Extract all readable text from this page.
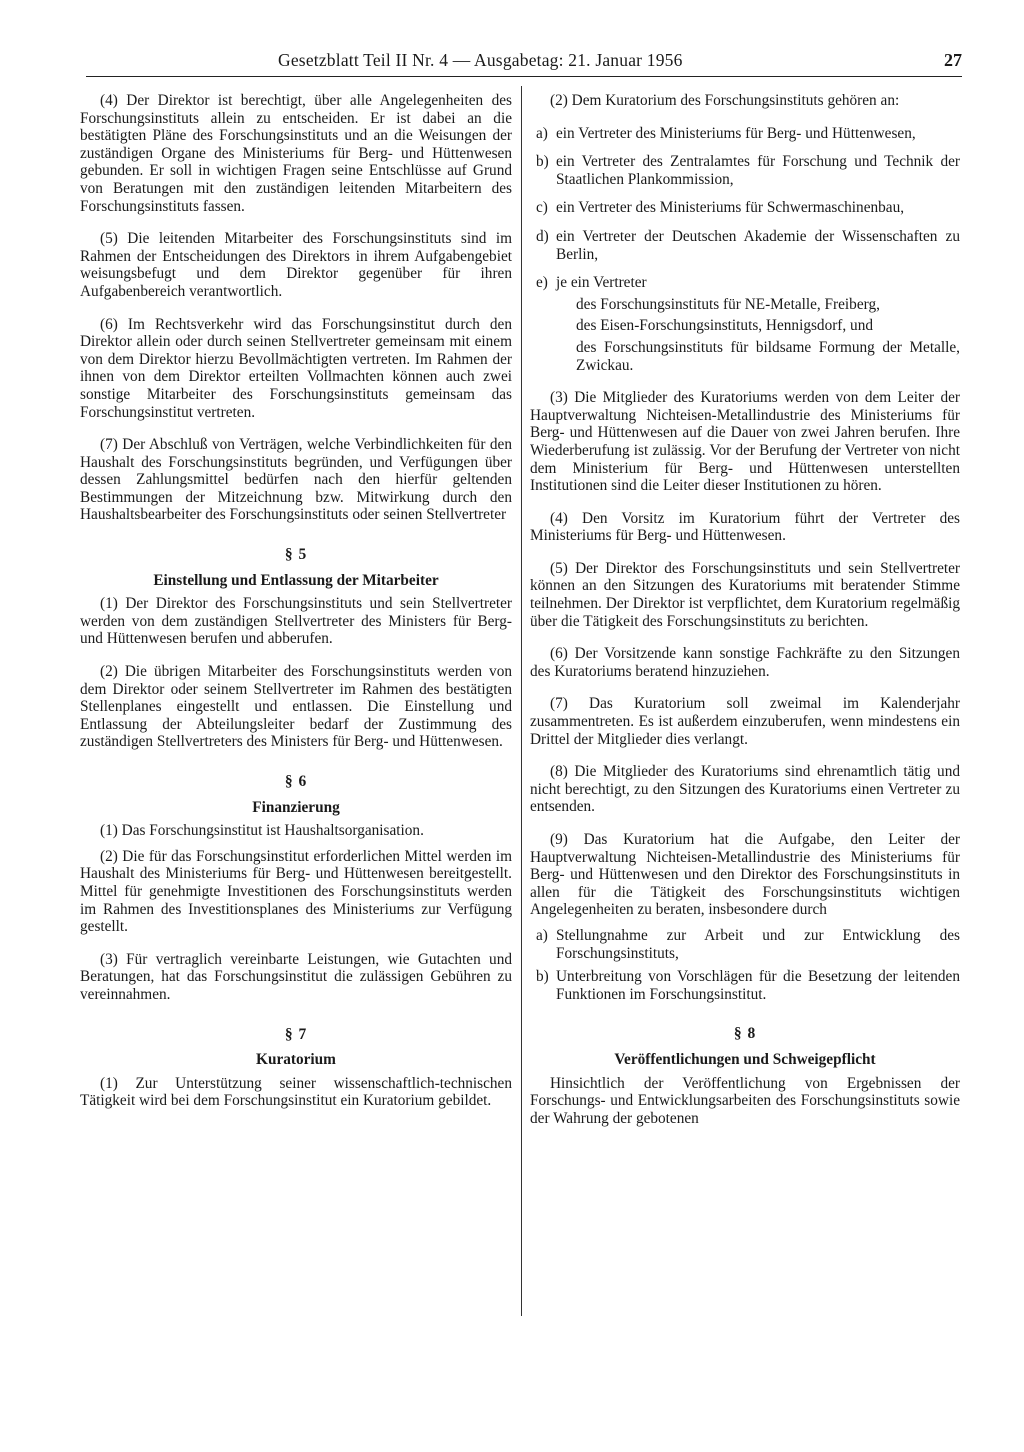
Gesetzblatt Teil II Nr. 4 — Ausgabetag: 21. Januar 1956	27

(4) Der Direktor ist berechtigt, über alle Angelegenheiten des Forschungsinstituts allein zu entscheiden. Er ist dabei an die bestätigten Pläne des Forschungsinstituts und an die Weisungen der zuständigen Organe des Ministeriums für Berg- und Hüttenwesen gebunden. Er soll in wichtigen Fragen seine Entschlüsse auf Grund von Beratungen mit den zuständigen leitenden Mitarbeitern des Forschungsinstituts fassen.

(5) Die leitenden Mitarbeiter des Forschungsinstituts sind im Rahmen der Entscheidungen des Direktors in ihrem Aufgabengebiet weisungsbefugt und dem Direktor gegenüber für ihren Aufgabenbereich verantwortlich.

(6) Im Rechtsverkehr wird das Forschungsinstitut durch den Direktor allein oder durch seinen Stellvertreter gemeinsam mit einem von dem Direktor hierzu Bevollmächtigten vertreten. Im Rahmen der ihnen von dem Direktor erteilten Vollmachten können auch zwei sonstige Mitarbeiter des Forschungsinstituts gemeinsam das Forschungsinstitut vertreten.

(7) Der Abschluß von Verträgen, welche Verbindlichkeiten für den Haushalt des Forschungsinstituts begründen, und Verfügungen über dessen Zahlungsmittel bedürfen nach den hierfür geltenden Bestimmungen der Mitzeichnung bzw. Mitwirkung durch den Haushaltsbearbeiter des Forschungsinstituts oder seinen Stellvertreter

§ 5
Einstellung und Entlassung der Mitarbeiter

(1) Der Direktor des Forschungsinstituts und sein Stellvertreter werden von dem zuständigen Stellvertreter des Ministers für Berg- und Hüttenwesen berufen und abberufen.

(2) Die übrigen Mitarbeiter des Forschungsinstituts werden von dem Direktor oder seinem Stellvertreter im Rahmen des bestätigten Stellenplanes eingestellt und entlassen. Die Einstellung und Entlassung der Abteilungsleiter bedarf der Zustimmung des zuständigen Stellvertreters des Ministers für Berg- und Hüttenwesen.

§ 6
Finanzierung

(1) Das Forschungsinstitut ist Haushaltsorganisation.

(2) Die für das Forschungsinstitut erforderlichen Mittel werden im Haushalt des Ministeriums für Berg- und Hüttenwesen bereitgestellt. Mittel für genehmigte Investitionen des Forschungsinstituts werden im Rahmen des Investitionsplanes des Ministeriums zur Verfügung gestellt.

(3) Für vertraglich vereinbarte Leistungen, wie Gutachten und Beratungen, hat das Forschungsinstitut die zulässigen Gebühren zu vereinnahmen.

§ 7
Kuratorium

(1) Zur Unterstützung seiner wissenschaftlich-technischen Tätigkeit wird bei dem Forschungsinstitut ein Kuratorium gebildet.

(2) Dem Kuratorium des Forschungsinstituts gehören an:

a) ein Vertreter des Ministeriums für Berg- und Hüttenwesen,
b) ein Vertreter des Zentralamtes für Forschung und Technik der Staatlichen Plankommission,
c) ein Vertreter des Ministeriums für Schwermaschinenbau,
d) ein Vertreter der Deutschen Akademie der Wissenschaften zu Berlin,
e) je ein Vertreter
des Forschungsinstituts für NE-Metalle, Freiberg,
des Eisen-Forschungsinstituts, Hennigsdorf, und
des Forschungsinstituts für bildsame Formung der Metalle, Zwickau.

(3) Die Mitglieder des Kuratoriums werden von dem Leiter der Hauptverwaltung Nichteisen-Metallindustrie des Ministeriums für Berg- und Hüttenwesen auf die Dauer von zwei Jahren berufen. Ihre Wiederberufung ist zulässig. Vor der Berufung der Vertreter von nicht dem Ministerium für Berg- und Hüttenwesen unterstellten Institutionen sind die Leiter dieser Institutionen zu hören.

(4) Den Vorsitz im Kuratorium führt der Vertreter des Ministeriums für Berg- und Hüttenwesen.

(5) Der Direktor des Forschungsinstituts und sein Stellvertreter können an den Sitzungen des Kuratoriums mit beratender Stimme teilnehmen. Der Direktor ist verpflichtet, dem Kuratorium regelmäßig über die Tätigkeit des Forschungsinstituts zu berichten.

(6) Der Vorsitzende kann sonstige Fachkräfte zu den Sitzungen des Kuratoriums beratend hinzuziehen.

(7) Das Kuratorium soll zweimal im Kalenderjahr zusammentreten. Es ist außerdem einzuberufen, wenn mindestens ein Drittel der Mitglieder dies verlangt.

(8) Die Mitglieder des Kuratoriums sind ehrenamtlich tätig und nicht berechtigt, zu den Sitzungen des Kuratoriums einen Vertreter zu entsenden.

(9) Das Kuratorium hat die Aufgabe, den Leiter der Hauptverwaltung Nichteisen-Metallindustrie des Ministeriums für Berg- und Hüttenwesen und den Direktor des Forschungsinstituts in allen für die Tätigkeit des Forschungsinstituts wichtigen Angelegenheiten zu beraten, insbesondere durch

a) Stellungnahme zur Arbeit und zur Entwicklung des Forschungsinstituts,
b) Unterbreitung von Vorschlägen für die Besetzung der leitenden Funktionen im Forschungsinstitut.
§ 8
Veröffentlichungen und Schweigepflicht

Hinsichtlich der Veröffentlichung von Ergebnissen der Forschungs- und Entwicklungsarbeiten des Forschungsinstituts sowie der Wahrung der gebotenen
